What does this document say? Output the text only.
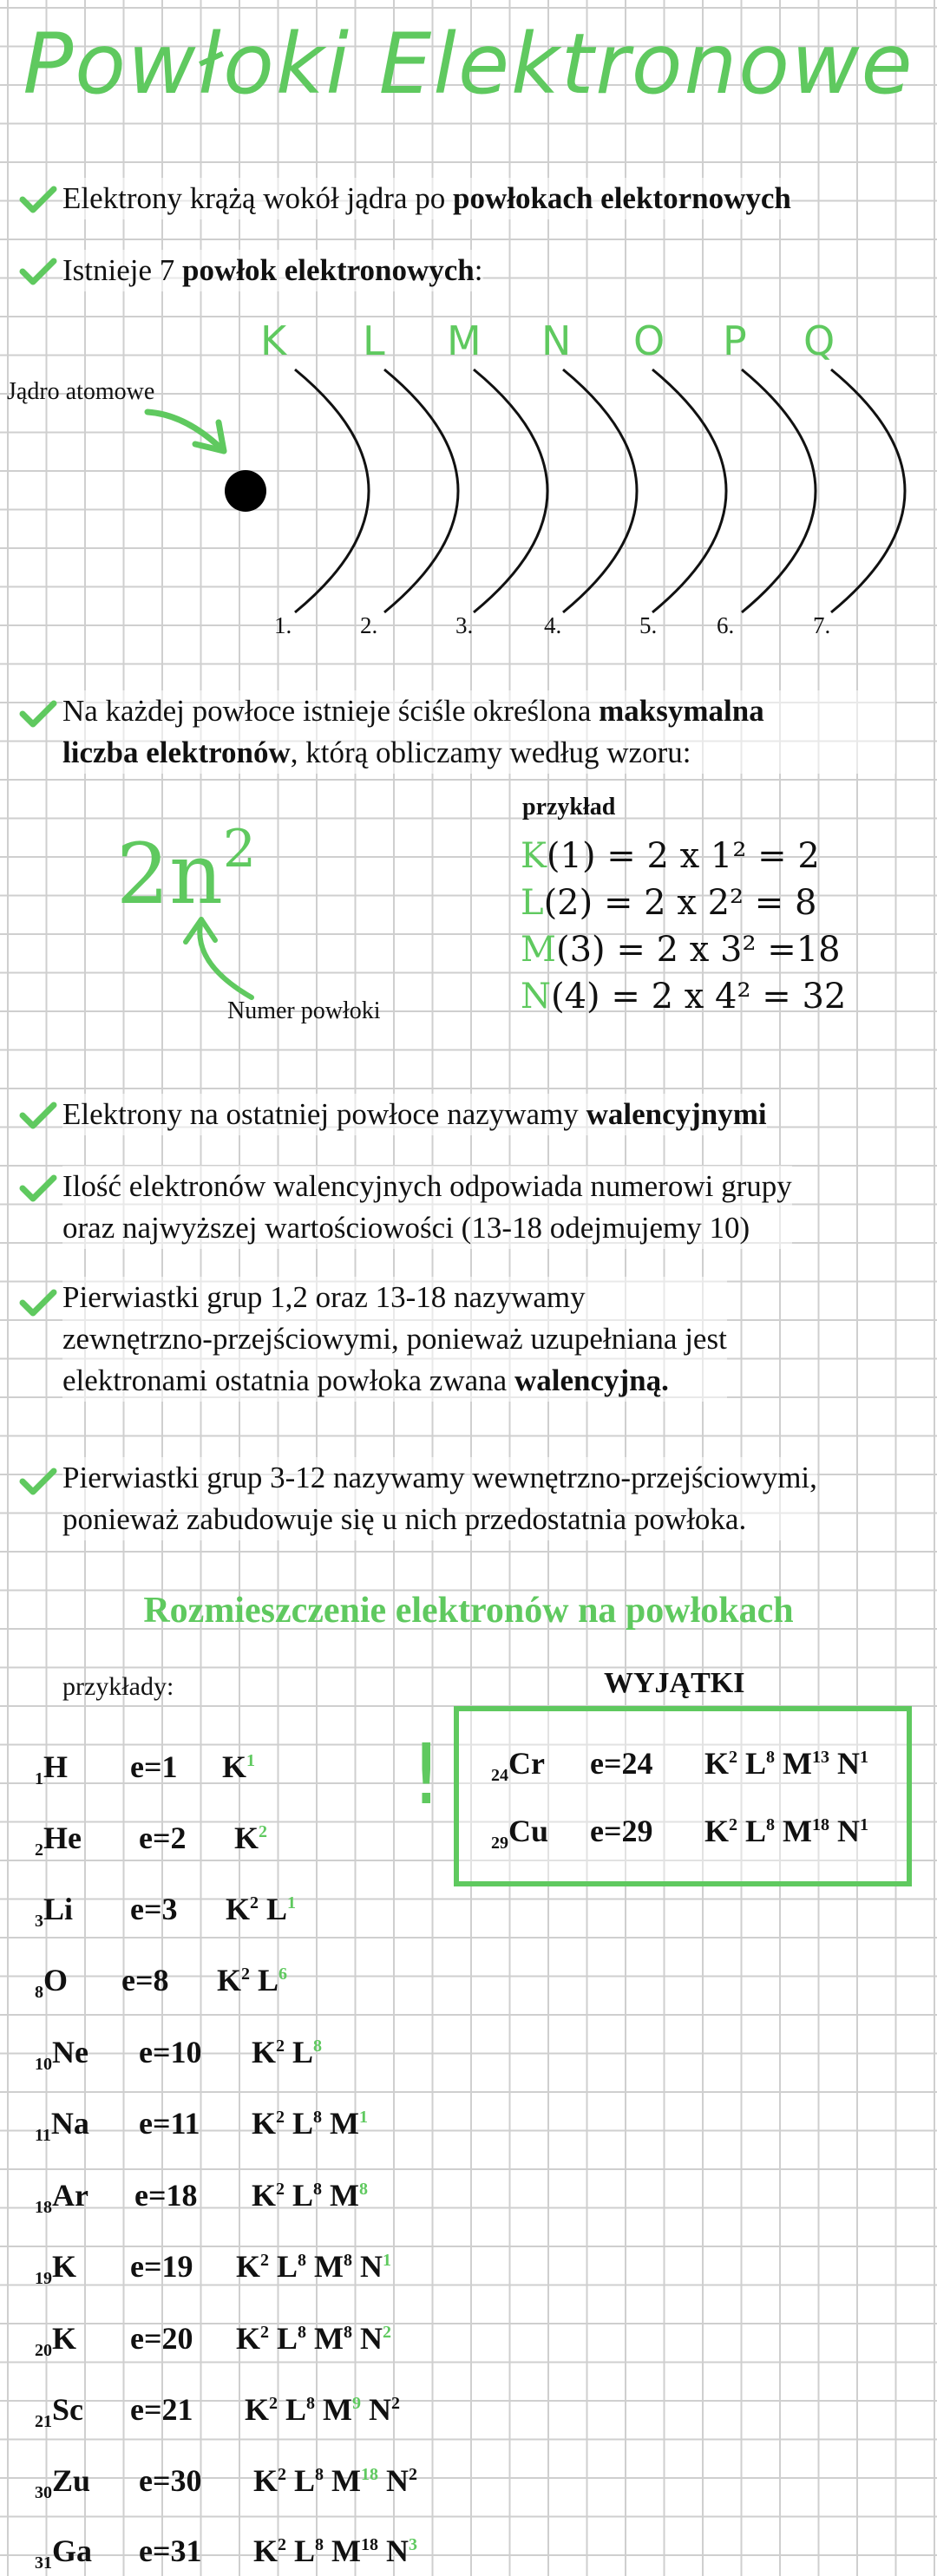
Powłoki Elektronowe
Elektrony krążą wokół jądra po powłokach elektornowych
Istnieje 7 powłok elektronowych:
Jądro atomowe
K L M N O P Q
1.	2.	3.	4.	5.	6.	7.
Na każdej powłoce istnieje ściśle określona maksymalna
liczba elektronów, którą obliczamy według wzoru:
$2n^2$
Numer powłoki
przykład
K(1) = 2 x 1² = 2
L(2) = 2 x 2² = 8
M(3) = 2 x 3² =18
N(4) = 2 x 4² = 32
Elektrony na ostatniej powłoce nazywamy walencyjnymi
Ilość elektronów walencyjnych odpowiada numerowi grupy
oraz najwyższej wartościowości (13-18 odejmujemy 10)
Pierwiastki grup 1,2 oraz 13-18 nazywamy
zewnętrzno-przejściowymi, ponieważ uzupełniana jest
elektronami ostatnia powłoka zwana walencyjną.
Pierwiastki grup 3-12 nazywamy wewnętrzno-przejściowymi,
ponieważ zabudowuje się u nich przedostatnia powłoka.
Rozmieszczenie elektronów na powłokach
przykłady:	WYJĄTKI
!
$_1$H e=1 $K^1$
$_2$He e=2 $K^2$
$_3$Li e=3 $K^2$ $L^1$
$_8$O e=8 $K^2$ $L^6$
$_{10}$Ne e=10 $K^2$ $L^8$
$_{11}$Na e=11 $K^2$ $L^8$ $M^1$
$_{18}$Ar e=18 $K^2$ $L^8$ $M^8$
$_{19}$K e=19 $K^2$ $L^8$ $M^8$ $N^1$
$_{20}$K e=20 $K^2$ $L^8$ $M^8$ $N^2$
$_{21}$Sc e=21 $K^2$ $L^8$ $M^9$ $N^2$
$_{30}$Zu e=30 $K^2$ $L^8$ $M^{18}$ $N^2$
$_{31}$Ga e=31 $K^2$ $L^8$ $M^{18}$ $N^3$
$_{24}$Cr e=24 $K^2$ $L^8$ $M^{13}$ $N^1$
$_{29}$Cu e=29 $K^2$ $L^8$ $M^{18}$ $N^1$
